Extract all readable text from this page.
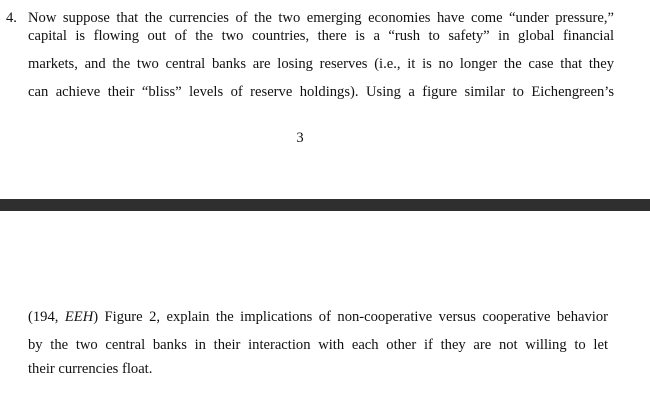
4. Now suppose that the currencies of the two emerging economies have come “under pressure,”
capital is flowing out of the two countries, there is a “rush to safety” in global financial
markets, and the two central banks are losing reserves (i.e., it is no longer the case that they
can achieve their “bliss” levels of reserve holdings). Using a figure similar to Eichengreen’s
3
(194, EEH) Figure 2, explain the implications of non-cooperative versus cooperative behavior
by the two central banks in their interaction with each other if they are not willing to let
their currencies float.
